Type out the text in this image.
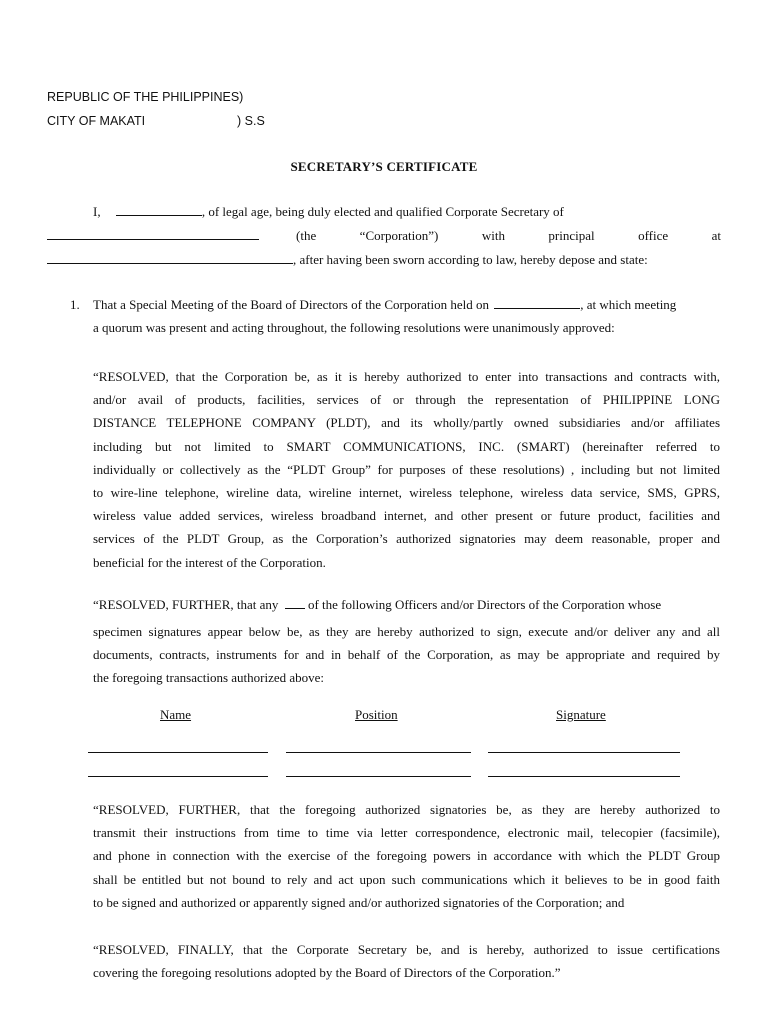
REPUBLIC OF THE PHILIPPINES)
CITY OF MAKATI	) S.S
SECRETARY’S CERTIFICATE
I,	, of legal age, being duly elected and qualified Corporate Secretary of
(the “Corporation”) with principal office at
, after having been sworn according to law, hereby depose and state:
1. That a Special Meeting of the Board of Directors of the Corporation held on	, at which meeting
a quorum was present and acting throughout, the following resolutions were unanimously approved:
“RESOLVED, that the Corporation be, as it is hereby authorized to enter into transactions and contracts with,
and/or avail of products, facilities, services of or through the representation of PHILIPPINE LONG
DISTANCE TELEPHONE COMPANY (PLDT), and its wholly/partly owned subsidiaries and/or affiliates
including but not limited to SMART COMMUNICATIONS, INC. (SMART) (hereinafter referred to
individually or collectively as the “PLDT Group” for purposes of these resolutions) , including but not limited
to wire-line telephone, wireline data, wireline internet, wireless telephone, wireless data service, SMS, GPRS,
wireless value added services, wireless broadband internet, and other present or future product, facilities and
services of the PLDT Group, as the Corporation’s authorized signatories may deem reasonable, proper and
beneficial for the interest of the Corporation.
“RESOLVED, FURTHER, that any of the following Officers and/or Directors of the Corporation whose
specimen signatures appear below be, as they are hereby authorized to sign, execute and/or deliver any and all
documents, contracts, instruments for and in behalf of the Corporation, as may be appropriate and required by
the foregoing transactions authorized above:
Name	Position	Signature
“RESOLVED, FURTHER, that the foregoing authorized signatories be, as they are hereby authorized to
transmit their instructions from time to time via letter correspondence, electronic mail, telecopier (facsimile),
and phone in connection with the exercise of the foregoing powers in accordance with which the PLDT Group
shall be entitled but not bound to rely and act upon such communications which it believes to be in good faith
to be signed and authorized or apparently signed and/or authorized signatories of the Corporation; and
“RESOLVED, FINALLY, that the Corporate Secretary be, and is hereby, authorized to issue certifications
covering the foregoing resolutions adopted by the Board of Directors of the Corporation.”
